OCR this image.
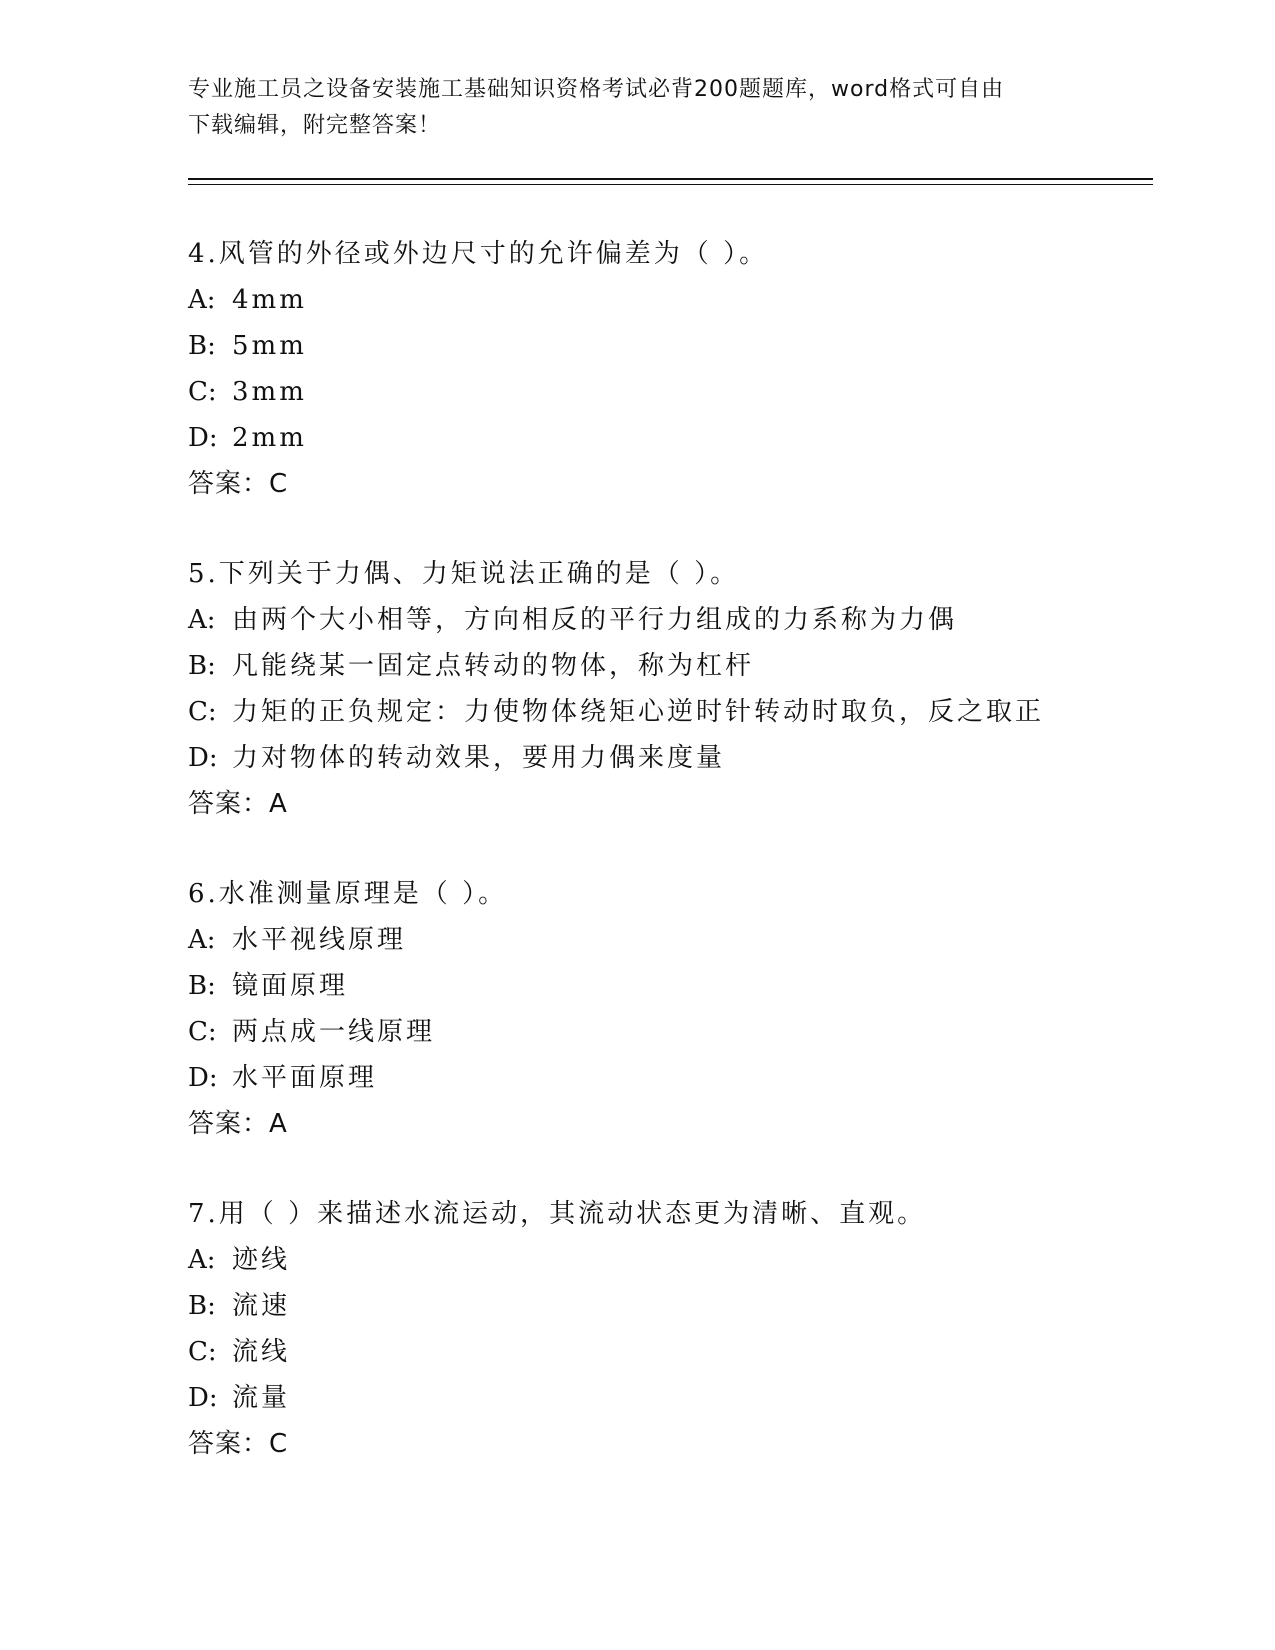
专业施工员之设备安装施工基础知识资格考试必背200题题库，word格式可自由
下载编辑，附完整答案！
4.风管的外径或外边尺寸的允许偏差为（ ）。
A: 4mm
B: 5mm
C: 3mm
D: 2mm
答案：C
5.下列关于力偶、力矩说法正确的是（ ）。
A: 由两个大小相等，方向相反的平行力组成的力系称为力偶
B: 凡能绕某一固定点转动的物体，称为杠杆
C: 力矩的正负规定：力使物体绕矩心逆时针转动时取负，反之取正
D: 力对物体的转动效果，要用力偶来度量
答案：A
6.水准测量原理是（ ）。
A: 水平视线原理
B: 镜面原理
C: 两点成一线原理
D: 水平面原理
答案：A
7.用（ ）来描述水流运动，其流动状态更为清晰、直观。
A: 迹线
B: 流速
C: 流线
D: 流量
答案：C
